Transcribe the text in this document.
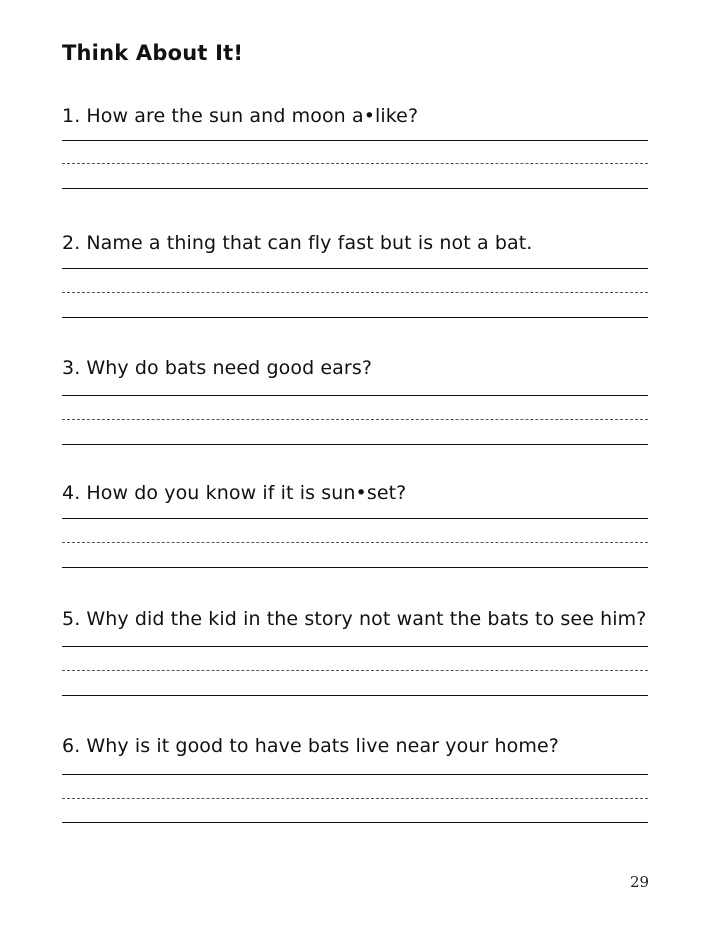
Think About It!
1. How are the sun and moon a•like?
2. Name a thing that can fly fast but is not a bat.
3. Why do bats need good ears?
4. How do you know if it is sun•set?
5. Why did the kid in the story not want the bats to see him?
6. Why is it good to have bats live near your home?
29
